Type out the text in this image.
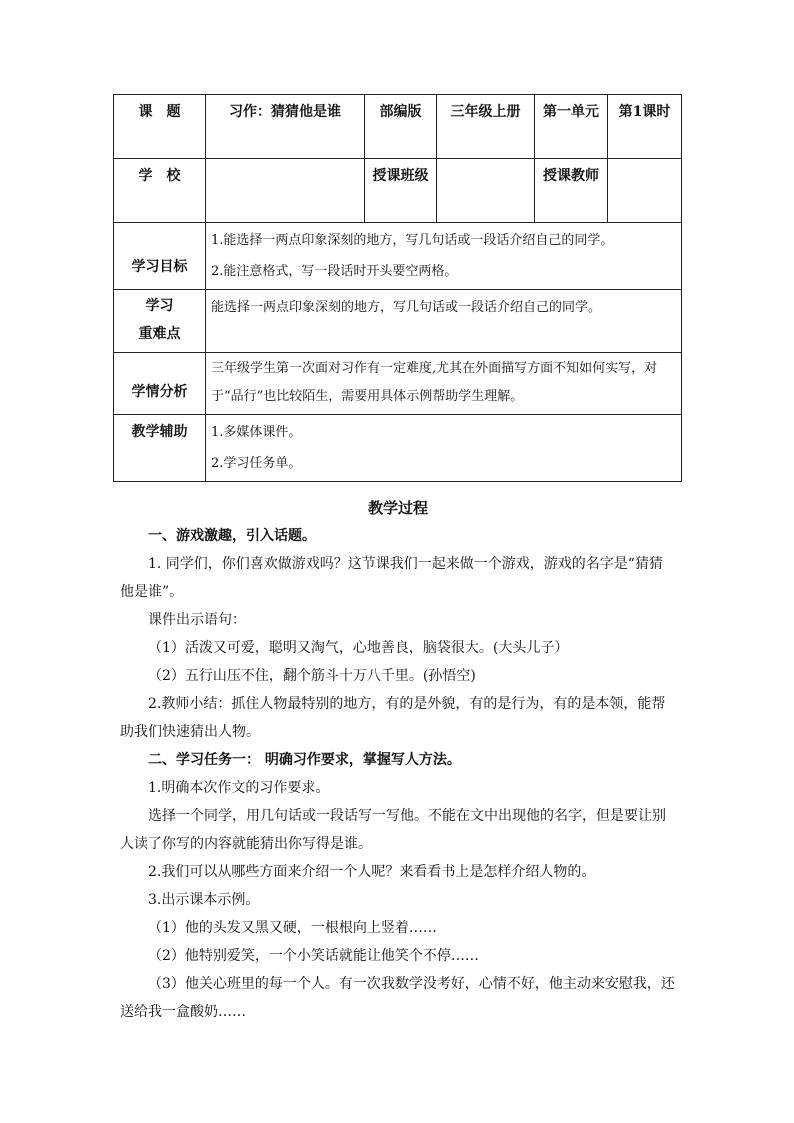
课　题	习作：猜猜他是谁	部编版	三年级上册	第一单元	第1课时
学　校		授课班级		授课教师	
学习目标	1.能选择一两点印象深刻的地方，写几句话或一段话介绍自己的同学。
2.能注意格式，写一段话时开头要空两格。				

学习
重难点	能选择一两点印象深刻的地方，写几句话或一段话介绍自己的同学。				
学情分析	三年级学生第一次面对习作有一定难度,尤其在外面描写方面不知如何实写，对于“品行”也比较陌生，需要用具体示例帮助学生理解。				
教学辅助	1.多媒体课件。
2.学习任务单。				

教学过程

一、游戏激趣，引入话题。

1. 同学们，你们喜欢做游戏吗？这节课我们一起来做一个游戏，游戏的名字是“猜猜他是谁”。

课件出示语句：

（1）活泼又可爱，聪明又淘气，心地善良，脑袋很大。(大头儿子）

（2）五行山压不住，翻个筋斗十万八千里。(孙悟空)

2.教师小结：抓住人物最特别的地方，有的是外貌，有的是行为，有的是本领，能帮助我们快速猜出人物。

二、学习任务一： 明确习作要求，掌握写人方法。

1.明确本次作文的习作要求。

选择一个同学，用几句话或一段话写一写他。不能在文中出现他的名字，但是要让别人读了你写的内容就能猜出你写得是谁。

2.我们可以从哪些方面来介绍一个人呢？来看看书上是怎样介绍人物的。

3.出示课本示例。

（1）他的头发又黑又硬，一根根向上竖着……

（2）他特别爱笑，一个小笑话就能让他笑个不停……

（3）他关心班里的每一个人。有一次我数学没考好，心情不好，他主动来安慰我，还送给我一盒酸奶……
